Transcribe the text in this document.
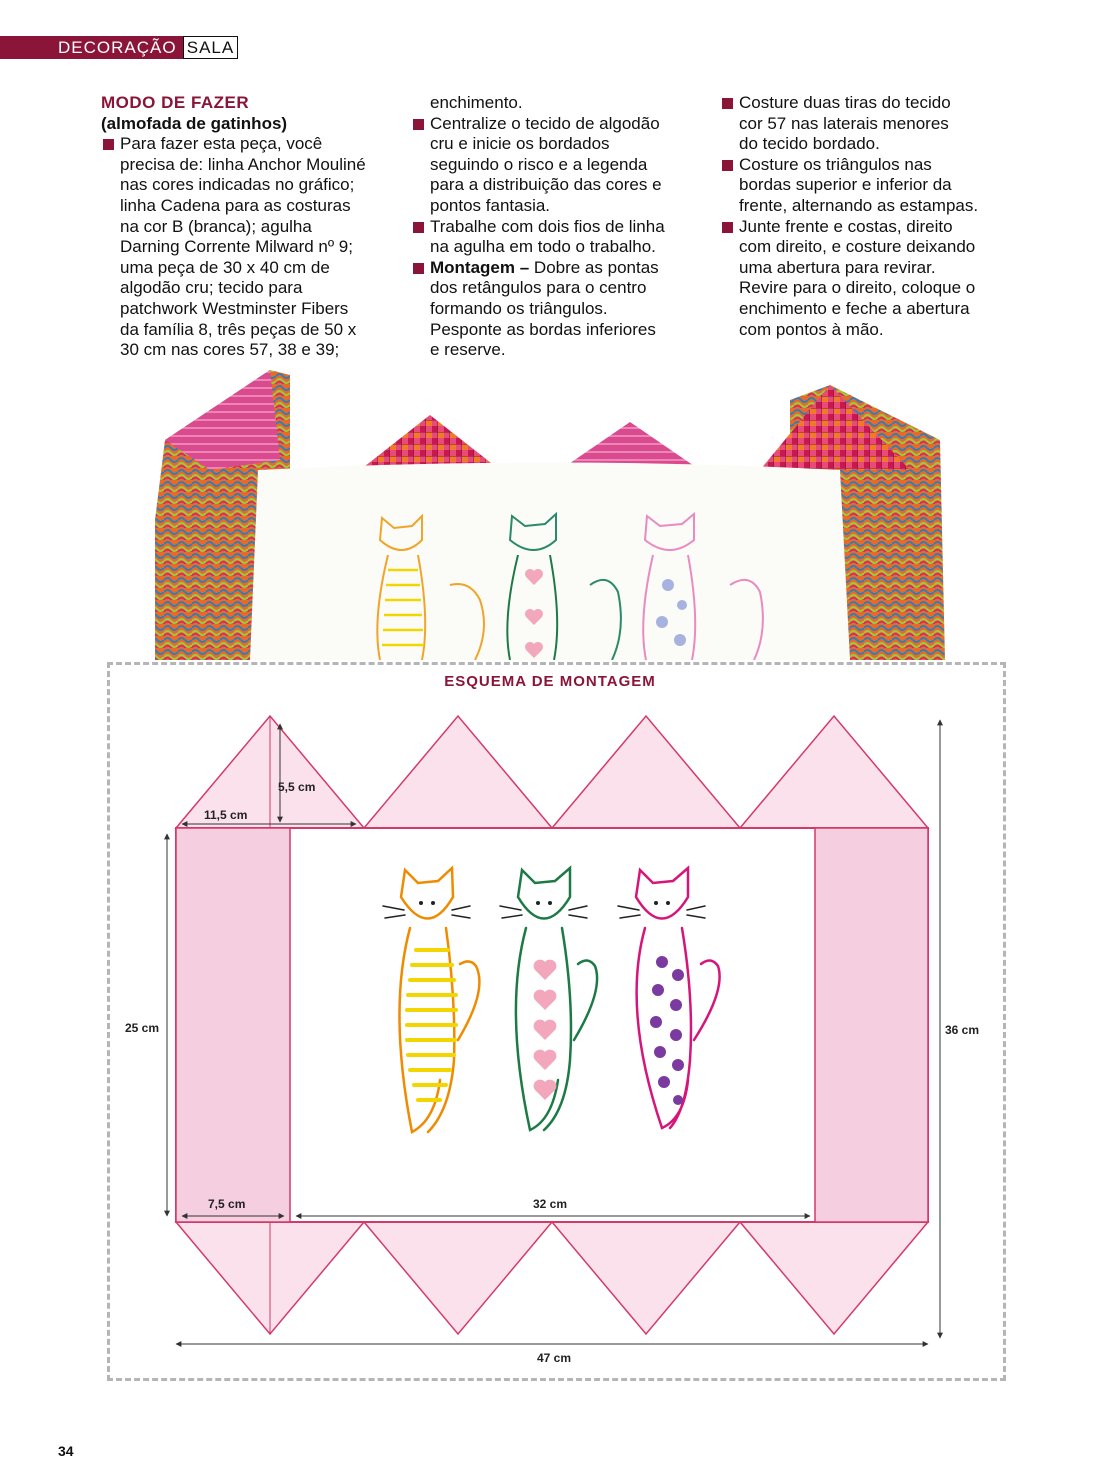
DECORAÇÃO SALA

MODO DE FAZER

(almofada de gatinhos)

Para fazer esta peça, você

precisa de: linha Anchor Mouliné

nas cores indicadas no gráfico;

linha Cadena para as costuras

na cor B (branca); agulha

Darning Corrente Milward nº 9;

uma peça de 30 x 40 cm de

algodão cru; tecido para

patchwork Westminster Fibers

da família 8, três peças de 50 x

30 cm nas cores 57, 38 e 39;

enchimento.

Centralize o tecido de algodão

cru e inicie os bordados

seguindo o risco e a legenda

para a distribuição das cores e

pontos fantasia.

Trabalhe com dois fios de linha

na agulha em todo o trabalho.

Montagem – Dobre as pontas

dos retângulos para o centro

formando os triângulos.

Pesponte as bordas inferiores

e reserve.

Costure duas tiras do tecido

cor 57 nas laterais menores

do tecido bordado.

Costure os triângulos nas

bordas superior e inferior da

frente, alternando as estampas.

Junte frente e costas, direito

com direito, e costure deixando

uma abertura para revirar.

Revire para o direito, coloque o

enchimento e feche a abertura

com pontos à mão.

ESQUEMA DE MONTAGEM
5,5 cm
11,5 cm
25 cm	36 cm
7,5 cm	32 cm
47 cm
34
